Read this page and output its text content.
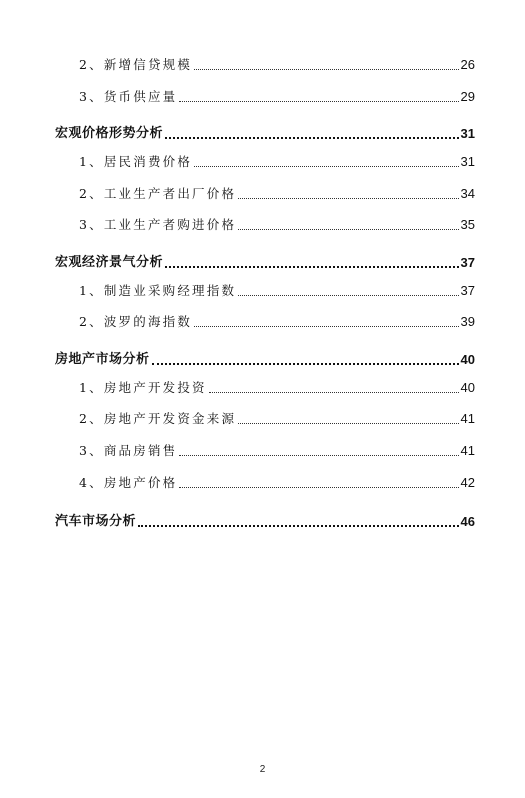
2、新增信贷规模	26
3、货币供应量	29
宏观价格形势分析	31
1、居民消费价格	31
2、工业生产者出厂价格	34
3、工业生产者购进价格	35
宏观经济景气分析	37
1、制造业采购经理指数	37
2、波罗的海指数	39
房地产市场分析	40
1、房地产开发投资	40
2、房地产开发资金来源	41
3、商品房销售	41
4、房地产价格	42
汽车市场分析	46
2
